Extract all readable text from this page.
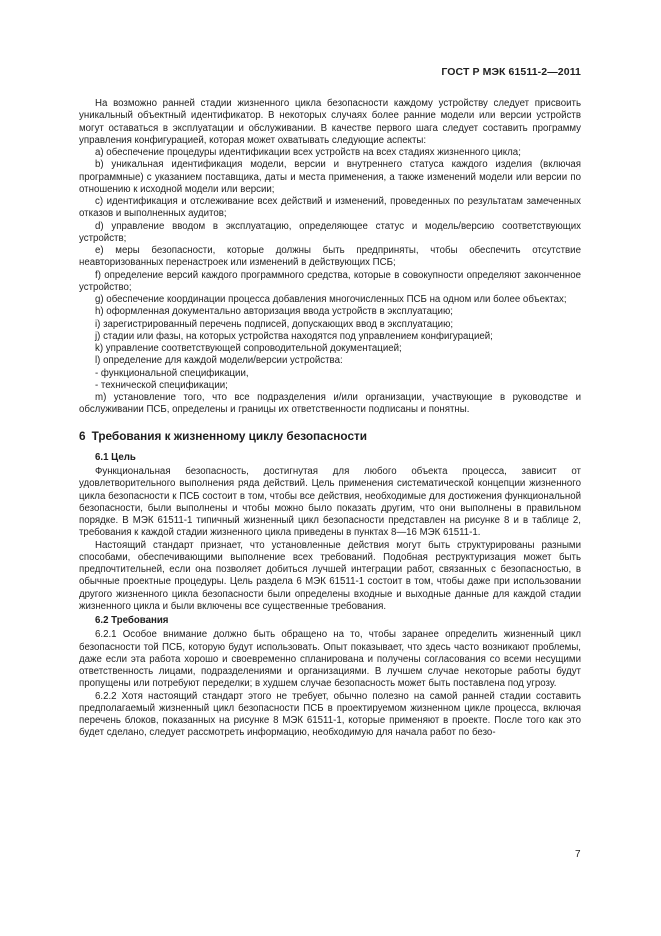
ГОСТ Р МЭК 61511-2—2011

На возможно ранней стадии жизненного цикла безопасности каждому устройству следует присвоить уникальный объектный идентификатор. В некоторых случаях более ранние модели или версии устройств могут оставаться в эксплуатации и обслуживании. В качестве первого шага следует составить программу управления конфигурацией, которая может охватывать следующие аспекты:

a) обеспечение процедуры идентификации всех устройств на всех стадиях жизненного цикла;

b) уникальная идентификация модели, версии и внутреннего статуса каждого изделия (включая программные) с указанием поставщика, даты и места применения, а также изменений модели или версии по отношению к исходной модели или версии;

c) идентификация и отслеживание всех действий и изменений, проведенных по результатам замеченных отказов и выполненных аудитов;

d) управление вводом в эксплуатацию, определяющее статус и модель/версию соответствующих устройств;

e) меры безопасности, которые должны быть предприняты, чтобы обеспечить отсутствие неавторизованных перенастроек или изменений в действующих ПСБ;

f) определение версий каждого программного средства, которые в совокупности определяют законченное устройство;

g) обеспечение координации процесса добавления многочисленных ПСБ на одном или более объектах;

h) оформленная документально авторизация ввода устройств в эксплуатацию;

i) зарегистрированный перечень подписей, допускающих ввод в эксплуатацию;

j) стадии или фазы, на которых устройства находятся под управлением конфигурацией;

k) управление соответствующей сопроводительной документацией;

l) определение для каждой модели/версии устройства:

- функциональной спецификации,

- технической спецификации;

m) установление того, что все подразделения и/или организации, участвующие в руководстве и обслуживании ПСБ, определены и границы их ответственности подписаны и понятны.

6 Требования к жизненному циклу безопасности
6.1 Цель

Функциональная безопасность, достигнутая для любого объекта процесса, зависит от удовлетворительного выполнения ряда действий. Цель применения систематической концепции жизненного цикла безопасности к ПСБ состоит в том, чтобы все действия, необходимые для достижения функциональной безопасности, были выполнены и чтобы можно было показать другим, что они выполнены в правильном порядке. В МЭК 61511-1 типичный жизненный цикл безопасности представлен на рисунке 8 и в таблице 2, требования к каждой стадии жизненного цикла приведены в пунктах 8—16 МЭК 61511-1.

Настоящий стандарт признает, что установленные действия могут быть структурированы разными способами, обеспечивающими выполнение всех требований. Подобная реструктуризация может быть предпочтительней, если она позволяет добиться лучшей интеграции работ, связанных с безопасностью, в обычные проектные процедуры. Цель раздела 6 МЭК 61511-1 состоит в том, чтобы даже при использовании другого жизненного цикла безопасности были определены входные и выходные данные для каждой стадии жизненного цикла и были включены все существенные требования.

6.2 Требования

6.2.1 Особое внимание должно быть обращено на то, чтобы заранее определить жизненный цикл безопасности той ПСБ, которую будут использовать. Опыт показывает, что здесь часто возникают проблемы, даже если эта работа хорошо и своевременно спланирована и получены согласования со всеми несущими ответственность лицами, подразделениями и организациями. В лучшем случае некоторые работы будут пропущены или потребуют переделки; в худшем случае безопасность может быть поставлена под угрозу.

6.2.2 Хотя настоящий стандарт этого не требует, обычно полезно на самой ранней стадии составить предполагаемый жизненный цикл безопасности ПСБ в проектируемом жизненном цикле процесса, включая перечень блоков, показанных на рисунке 8 МЭК 61511-1, которые применяют в проекте. После того как это будет сделано, следует рассмотреть информацию, необходимую для начала работ по безо-

7
